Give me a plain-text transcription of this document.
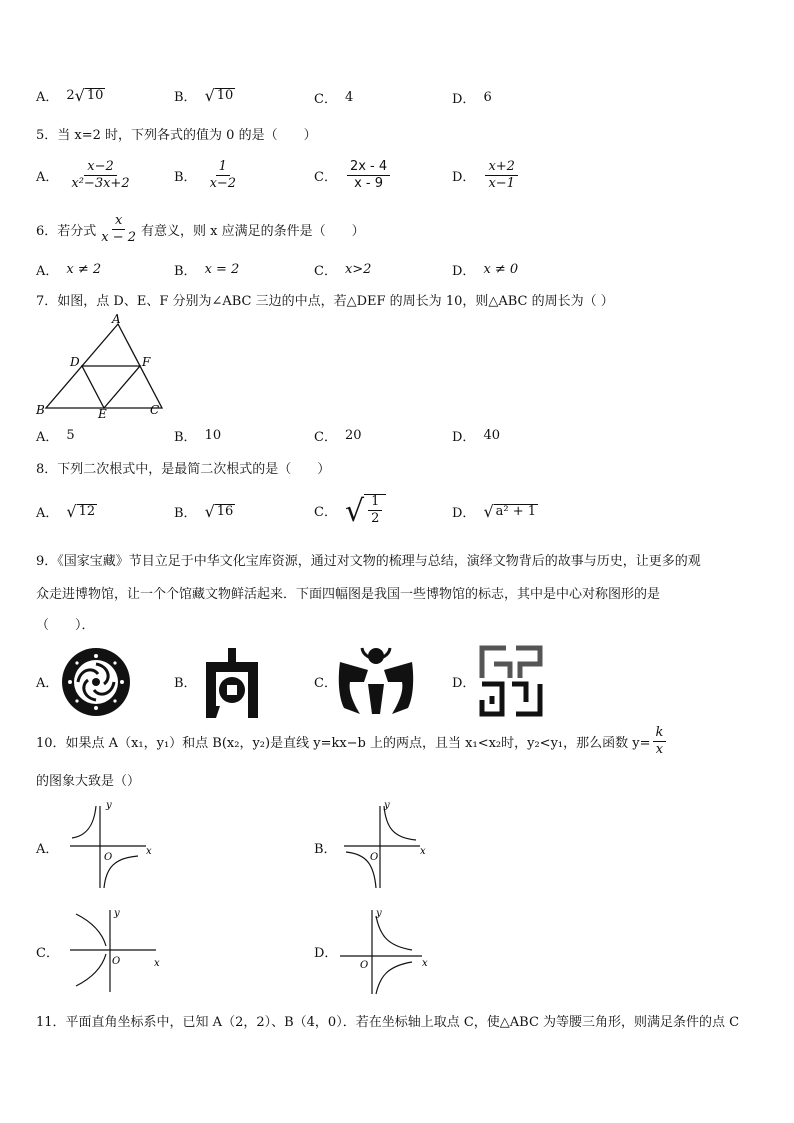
A． 2 √ 10	B． √ 10	C． 4	D． 6
5．当 x=2 时，下列各式的值为 0 的是（　　）
A． $\frac{x-2}{\text{x²−3x+2}}$	B． $\frac{1}{x-2}$	C． $\frac{2x - 4}{x - 9}$	D． $\frac{x+2}{x-1}$
6．若分式 $\frac{x}{x - 2}$ 有意义，则 x 应满足的条件是（　　）
A． x ≠ 2	B． x = 2	C． x>2	D． x ≠ 0
7．如图，点 D、E、F 分别为∠ABC 三边的中点，若△DEF 的周长为 10，则△ABC 的周长为（ ）
A
B	C
D
E
F
A． 5	B． 10	C． 20	D． 40
8．下列二次根式中，是最简二次根式的是（　　）
A． √ 12	B． √ 16	C． √ $\frac{1}{2}$	D． √ a² + 1
9．《国家宝藏》节目立足于中华文化宝库资源，通过对文物的梳理与总结，演绎文物背后的故事与历史，让更多的观
众走进博物馆，让一个个馆藏文物鲜活起来．下面四幅图是我国一些博物馆的标志，其中是中心对称图形的是
（　　）．
A．	B．	C．	D．
10．如果点 A（x₁，y₁）和点 B(x₂，y₂)是直线 y=kx−b 上的两点，且当 x₁<x₂时，y₂<y₁，那么函数 $y= \frac{k}{x}$
的图象大致是（）
A．
y
x
O
B．
y
x
O
C．
y
x
O
D．
y
x
O
11．平面直角坐标系中，已知 A（2，2）、B（4，0）．若在坐标轴上取点 C，使△ABC 为等腰三角形，则满足条件的点 C
